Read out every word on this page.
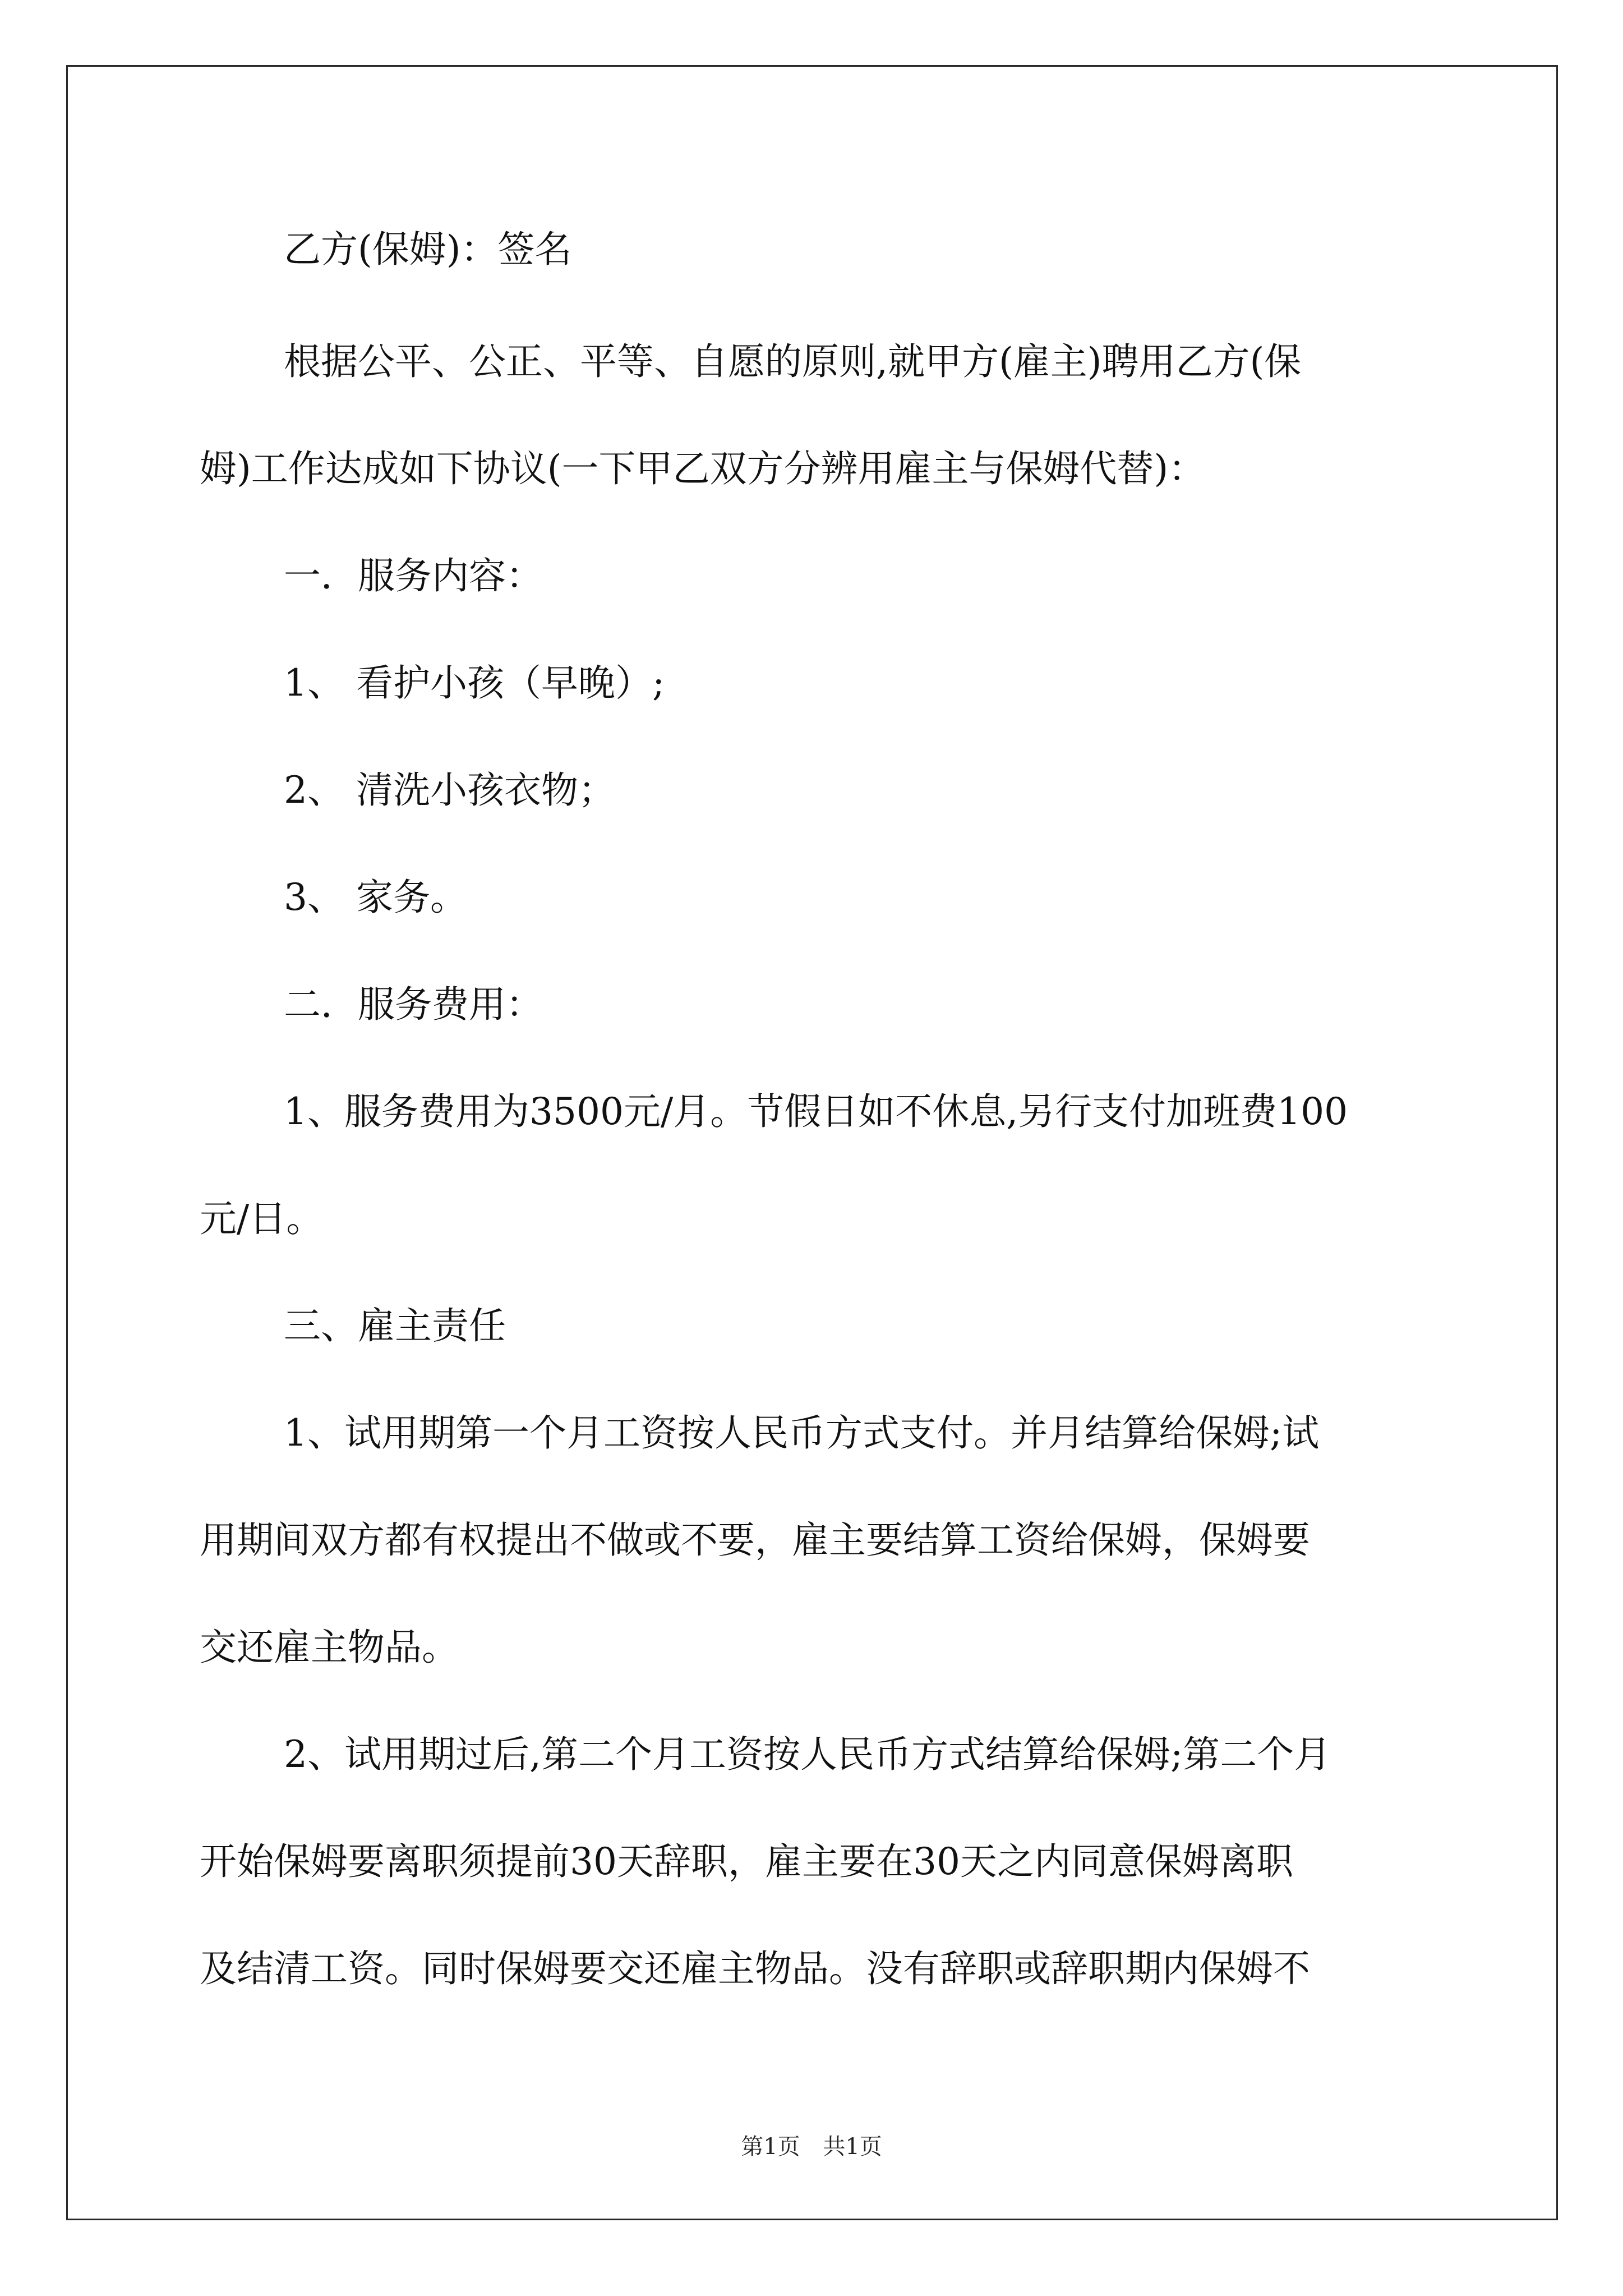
乙方(保姆)：签名
根据公平、公正、平等、自愿的原则,就甲方(雇主)聘用乙方(保
姆)工作达成如下协议(一下甲乙双方分辨用雇主与保姆代替)：
一．服务内容：
1、 看护小孩（早晚）;
2、 清洗小孩衣物；
3、 家务。
二．服务费用：
1、服务费用为3500元/月。节假日如不休息,另行支付加班费100
元/日。
三、雇主责任
1、试用期第一个月工资按人民币方式支付。并月结算给保姆;试
用期间双方都有权提出不做或不要，雇主要结算工资给保姆，保姆要
交还雇主物品。
2、试用期过后,第二个月工资按人民币方式结算给保姆;第二个月
开始保姆要离职须提前30天辞职，雇主要在30天之内同意保姆离职
及结清工资。同时保姆要交还雇主物品。没有辞职或辞职期内保姆不
第1页 共1页
